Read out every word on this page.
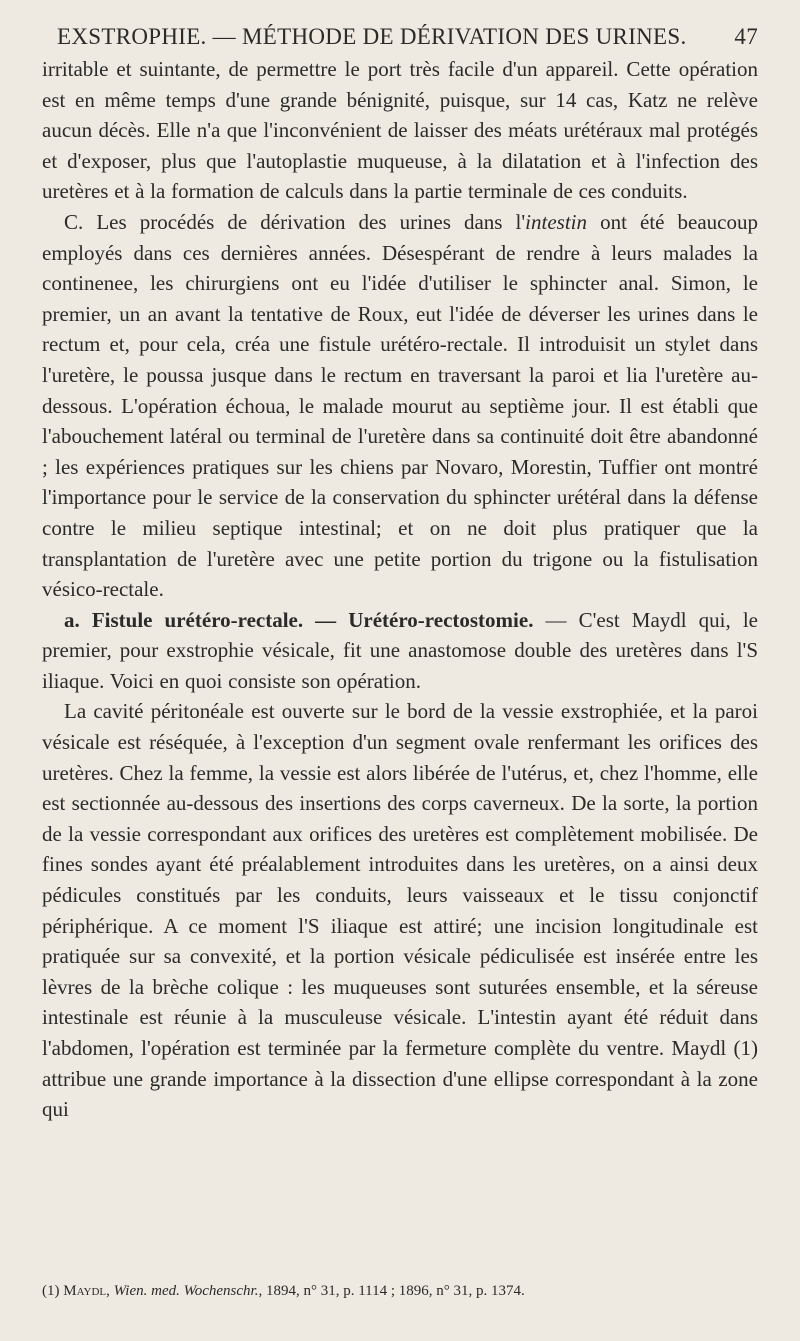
EXSTROPHIE. — MÉTHODE DE DÉRIVATION DES URINES. 47

irritable et suintante, de permettre le port très facile d'un appareil. Cette opération est en même temps d'une grande bénignité, puisque, sur 14 cas, Katz ne relève aucun décès. Elle n'a que l'inconvénient de laisser des méats urétéraux mal protégés et d'exposer, plus que l'autoplastie muqueuse, à la dilatation et à l'infection des uretères et à la formation de calculs dans la partie terminale de ces conduits.

C. Les procédés de dérivation des urines dans l'intestin ont été beaucoup employés dans ces dernières années. Désespérant de rendre à leurs malades la continenee, les chirurgiens ont eu l'idée d'utiliser le sphincter anal. Simon, le premier, un an avant la tentative de Roux, eut l'idée de déverser les urines dans le rectum et, pour cela, créa une fistule urétéro-rectale. Il introduisit un stylet dans l'uretère, le poussa jusque dans le rectum en traversant la paroi et lia l'uretère au-dessous. L'opération échoua, le malade mourut au septième jour. Il est établi que l'abouchement latéral ou terminal de l'uretère dans sa continuité doit être abandonné ; les expériences pratiques sur les chiens par Novaro, Morestin, Tuffier ont montré l'importance pour le service de la conservation du sphincter urétéral dans la défense contre le milieu septique intestinal; et on ne doit plus pratiquer que la transplantation de l'uretère avec une petite portion du trigone ou la fistulisation vésico-rectale.

a. Fistule urétéro-rectale. — Urétéro-rectostomie. — C'est Maydl qui, le premier, pour exstrophie vésicale, fit une anastomose double des uretères dans l'S iliaque. Voici en quoi consiste son opération.

La cavité péritonéale est ouverte sur le bord de la vessie exstrophiée, et la paroi vésicale est réséquée, à l'exception d'un segment ovale renfermant les orifices des uretères. Chez la femme, la vessie est alors libérée de l'utérus, et, chez l'homme, elle est sectionnée au-dessous des insertions des corps caverneux. De la sorte, la portion de la vessie correspondant aux orifices des uretères est complètement mobilisée. De fines sondes ayant été préalablement introduites dans les uretères, on a ainsi deux pédicules constitués par les conduits, leurs vaisseaux et le tissu conjonctif périphérique. A ce moment l'S iliaque est attiré; une incision longitudinale est pratiquée sur sa convexité, et la portion vésicale pédiculisée est insérée entre les lèvres de la brèche colique : les muqueuses sont suturées ensemble, et la séreuse intestinale est réunie à la musculeuse vésicale. L'intestin ayant été réduit dans l'abdomen, l'opération est terminée par la fermeture complète du ventre. Maydl (1) attribue une grande importance à la dissection d'une ellipse correspondant à la zone qui

(1) Maydl, Wien. med. Wochenschr., 1894, n° 31, p. 1114 ; 1896, n° 31, p. 1374.
